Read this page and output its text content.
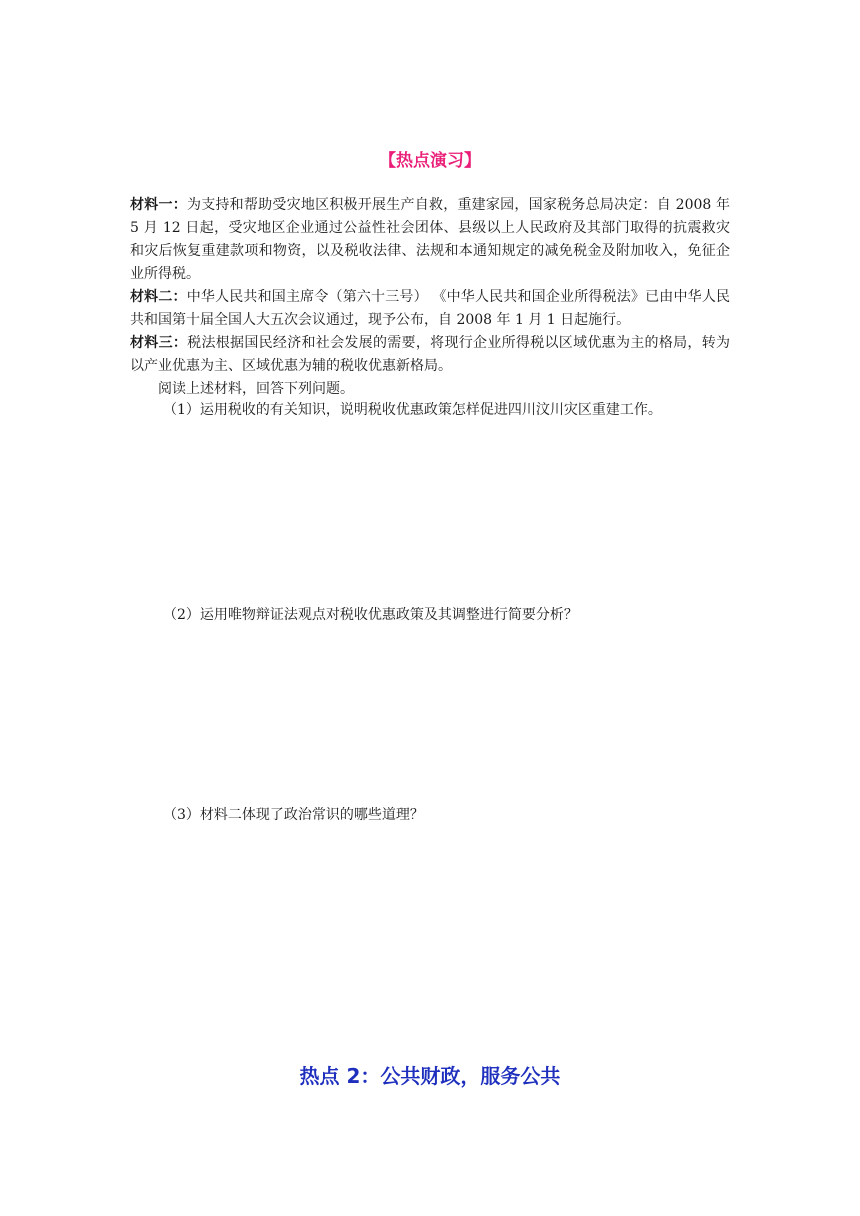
【热点演习】

材料一：为支持和帮助受灾地区积极开展生产自救，重建家园，国家税务总局决定：自 2008 年 5 月 12 日起，受灾地区企业通过公益性社会团体、县级以上人民政府及其部门取得的抗震救灾和灾后恢复重建款项和物资，以及税收法律、法规和本通知规定的减免税金及附加收入，免征企业所得税。

材料二：中华人民共和国主席令（第六十三号） 《中华人民共和国企业所得税法》已由中华人民共和国第十届全国人大五次会议通过，现予公布，自 2008 年 1 月 1 日起施行。

材料三：税法根据国民经济和社会发展的需要，将现行企业所得税以区域优惠为主的格局，转为以产业优惠为主、区域优惠为辅的税收优惠新格局。

阅读上述材料，回答下列问题。

（1）运用税收的有关知识，说明税收优惠政策怎样促进四川汶川灾区重建工作。
（2）运用唯物辩证法观点对税收优惠政策及其调整进行简要分析？
（3）材料二体现了政治常识的哪些道理？
热点 2：公共财政，服务公共
